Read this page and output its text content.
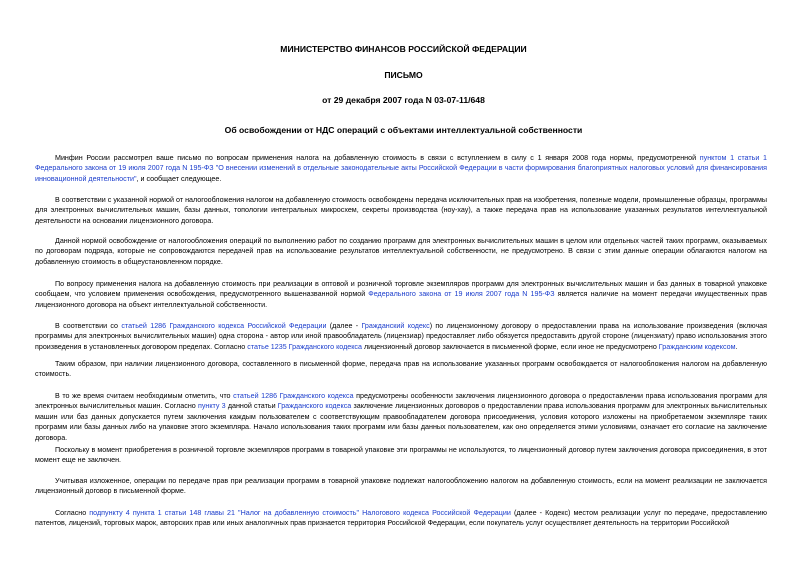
МИНИСТЕРСТВО ФИНАНСОВ РОССИЙСКОЙ ФЕДЕРАЦИИ
ПИСЬМО
от 29 декабря 2007 года N 03-07-11/648
Об освобождении от НДС операций с объектами интеллектуальной собственности
Минфин России рассмотрел ваше письмо по вопросам применения налога на добавленную стоимость в связи с вступлением в силу с 1 января 2008 года нормы, предусмотренной пунктом 1 статьи 1 Федерального закона от 19 июля 2007 года N 195-ФЗ "О внесении изменений в отдельные законодательные акты Российской Федерации в части формирования благоприятных налоговых условий для финансирования инновационной деятельности", и сообщает следующее.
В соответствии с указанной нормой от налогообложения налогом на добавленную стоимость освобождены передача исключительных прав на изобретения, полезные модели, промышленные образцы, программы для электронных вычислительных машин, базы данных, топологии интегральных микросхем, секреты производства (ноу-хау), а также передача прав на использование указанных результатов интеллектуальной деятельности на основании лицензионного договора.
Данной нормой освобождение от налогообложения операций по выполнению работ по созданию программ для электронных вычислительных машин в целом или отдельных частей таких программ, оказываемых по договорам подряда, которые не сопровождаются передачей прав на использование результатов интеллектуальной собственности, не предусмотрено. В связи с этим данные операции облагаются налогом на добавленную стоимость в общеустановленном порядке.
По вопросу применения налога на добавленную стоимость при реализации в оптовой и розничной торговле экземпляров программ для электронных вычислительных машин и баз данных в товарной упаковке сообщаем, что условием применения освобождения, предусмотренного вышеназванной нормой Федерального закона от 19 июля 2007 года N 195-ФЗ является наличие на момент передачи имущественных прав лицензионного договора на объект интеллектуальной собственности.
В соответствии со статьей 1286 Гражданского кодекса Российской Федерации (далее - Гражданский кодекс) по лицензионному договору о предоставлении права на использование произведения (включая программы для электронных вычислительных машин) одна сторона - автор или иной правообладатель (лицензиар) предоставляет либо обязуется предоставить другой стороне (лицензиату) право использования этого произведения в установленных договором пределах. Согласно статье 1235 Гражданского кодекса лицензионный договор заключается в письменной форме, если иное не предусмотрено Гражданским кодексом.
Таким образом, при наличии лицензионного договора, составленного в письменной форме, передача прав на использование указанных программ освобождается от налогообложения налогом на добавленную стоимость.
В то же время считаем необходимым отметить, что статьей 1286 Гражданского кодекса предусмотрены особенности заключения лицензионного договора о предоставлении права использования программ для электронных вычислительных машин. Согласно пункту 3 данной статьи Гражданского кодекса заключение лицензионных договоров о предоставлении права использования программ для электронных вычислительных машин или баз данных допускается путем заключения каждым пользователем с соответствующим правообладателем договора присоединения, условия которого изложены на приобретаемом экземпляре таких программ или базы данных либо на упаковке этого экземпляра. Начало использования таких программ или базы данных пользователем, как оно определяется этими условиями, означает его согласие на заключение договора.
Поскольку в момент приобретения в розничной торговле экземпляров программ в товарной упаковке эти программы не используются, то лицензионный договор путем заключения договора присоединения, в этот момент еще не заключен.
Учитывая изложенное, операции по передаче прав при реализации программ в товарной упаковке подлежат налогообложению налогом на добавленную стоимость, если на момент реализации не заключается лицензионный договор в письменной форме.
Согласно подпункту 4 пункта 1 статьи 148 главы 21 "Налог на добавленную стоимость" Налогового кодекса Российской Федерации (далее - Кодекс) местом реализации услуг по передаче, предоставлению патентов, лицензий, торговых марок, авторских прав или иных аналогичных прав признается территория Российской Федерации, если покупатель услуг осуществляет деятельность на территории Российской
